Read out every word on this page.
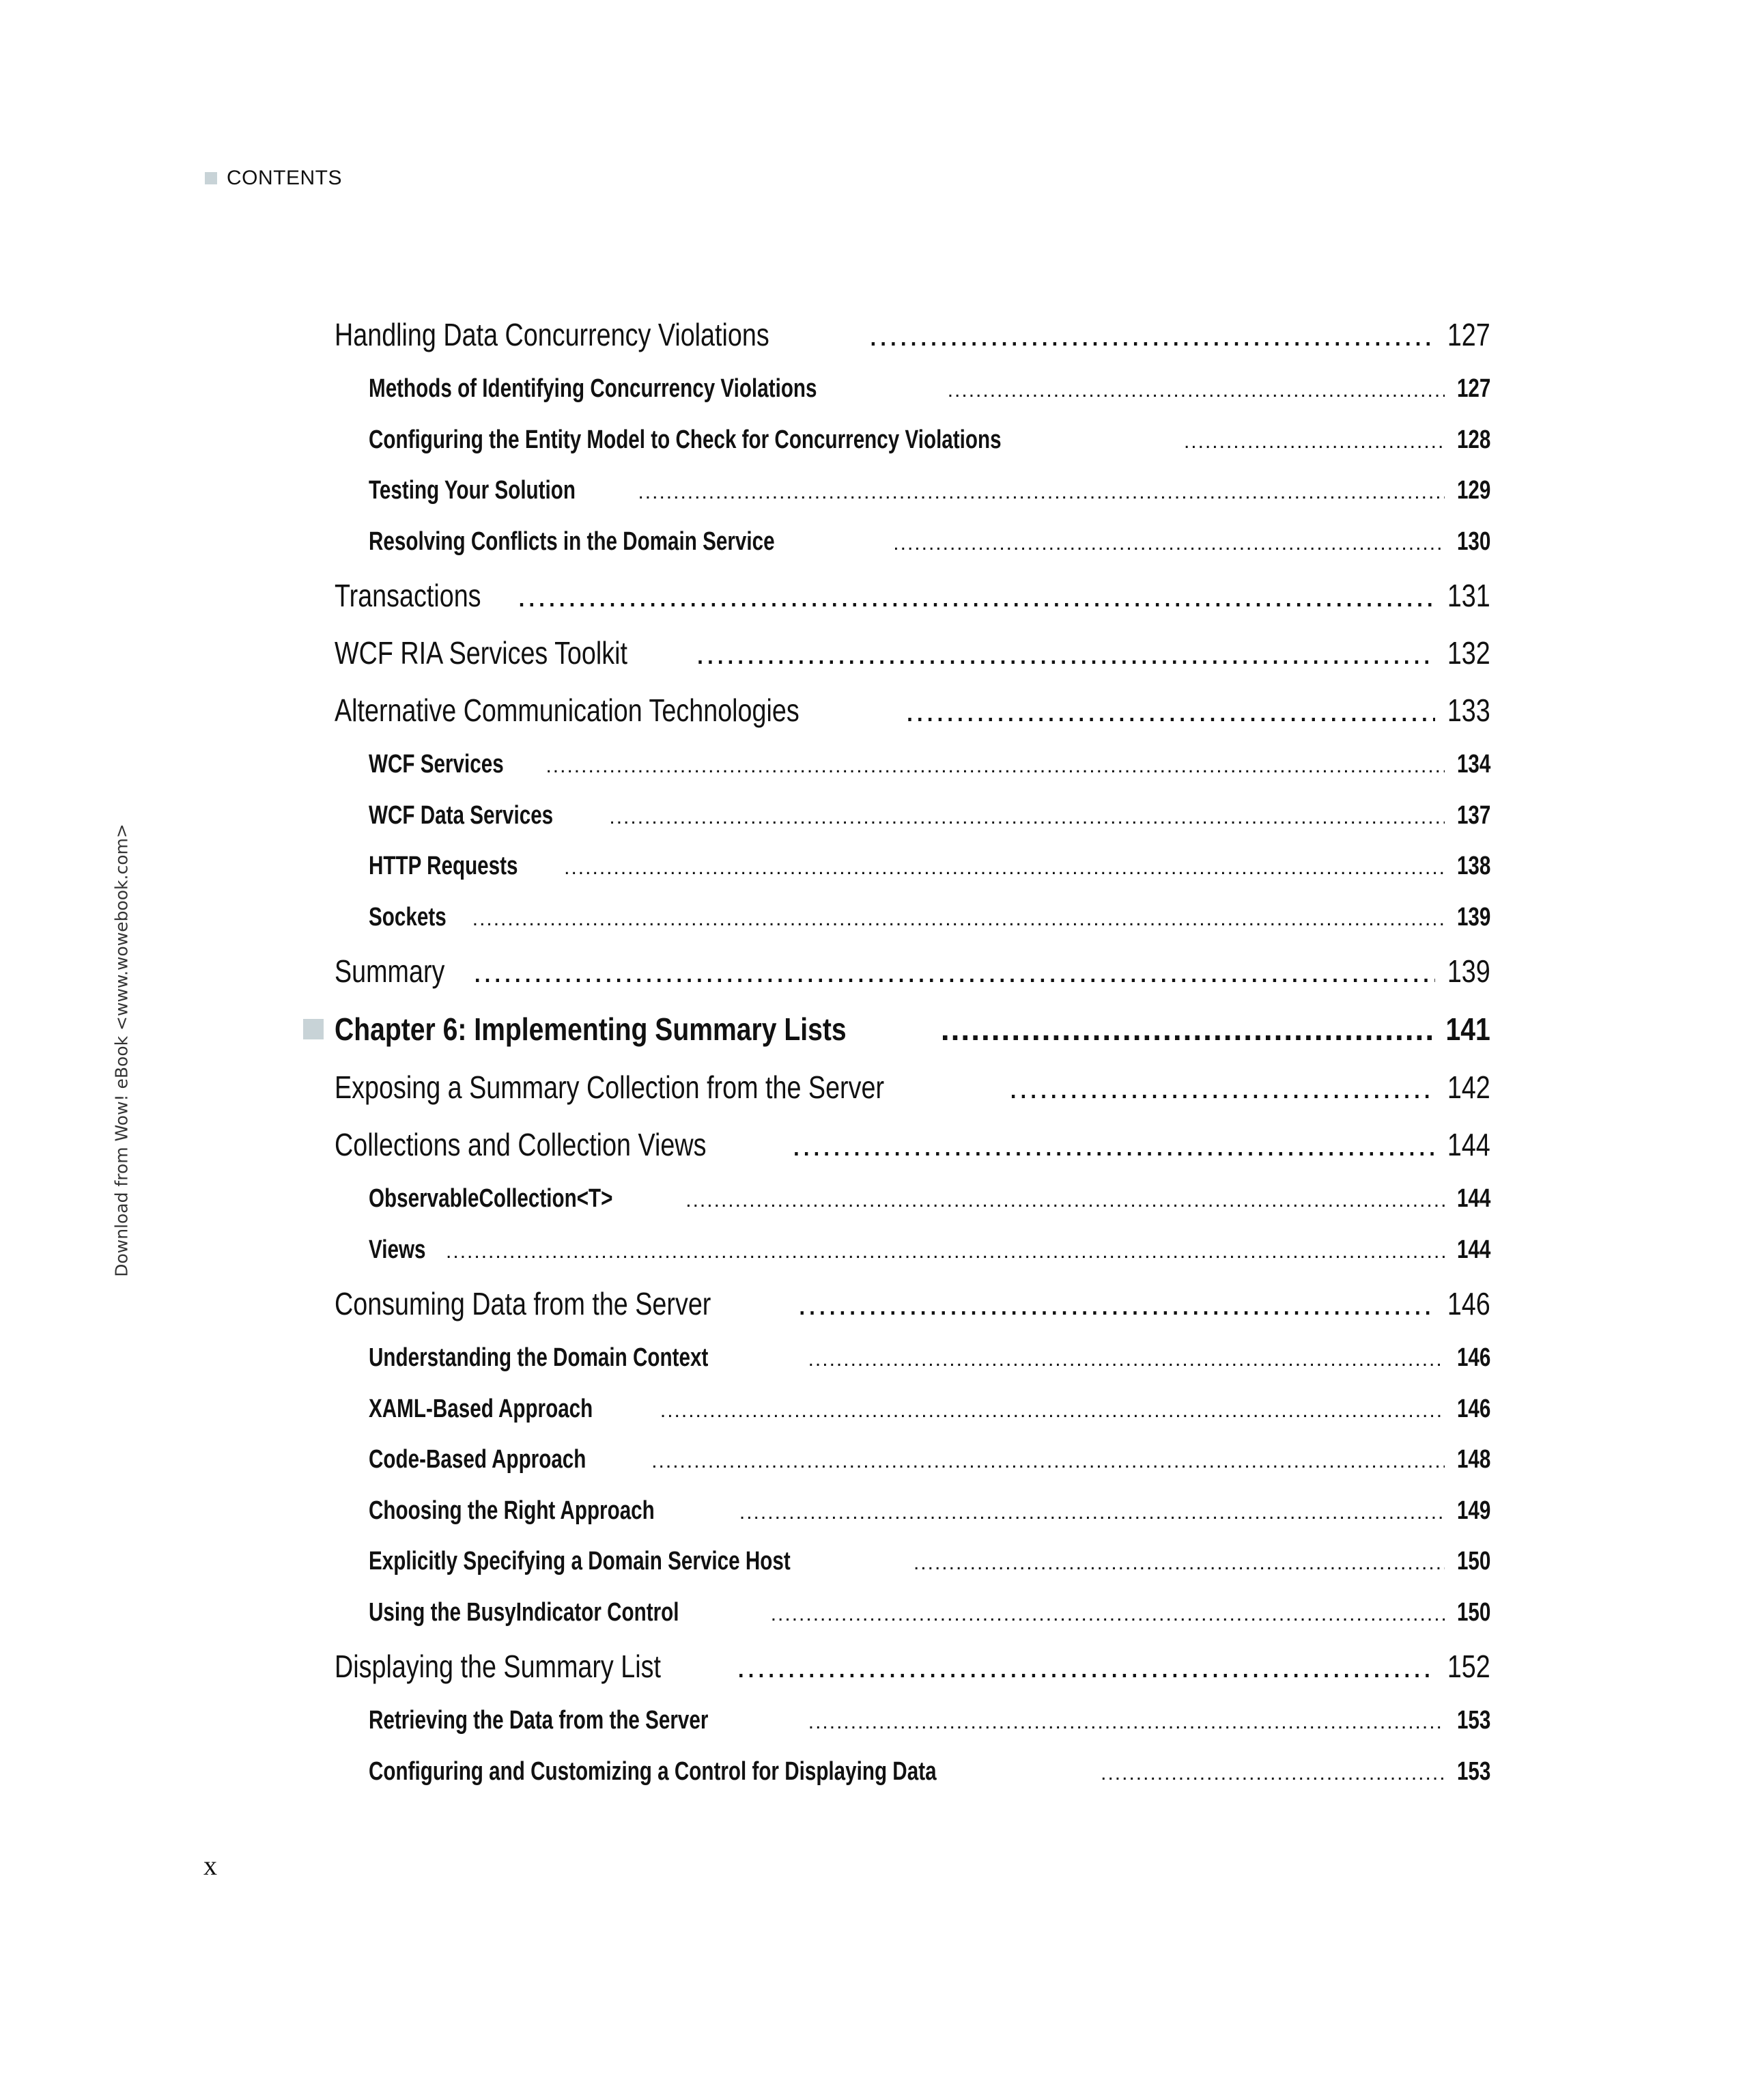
CONTENTS
Download from Wow! eBook <www.wowebook.com>
Handling Data Concurrency Violations .....	127
Methods of Identifying Concurrency Violations .....	127
Configuring the Entity Model to Check for Concurrency Violations .....	128
Testing Your Solution .....	129
Resolving Conflicts in the Domain Service .....	130
Transactions .....	131
WCF RIA Services Toolkit .....	132
Alternative Communication Technologies .....	133
WCF Services .....	134
WCF Data Services .....	137
HTTP Requests .....	138
Sockets .....	139
Summary .....	139
Chapter 6: Implementing Summary Lists .....	141
Exposing a Summary Collection from the Server .....	142
Collections and Collection Views .....	144
ObservableCollection<T> .....	144
Views .....	144
Consuming Data from the Server .....	146
Understanding the Domain Context .....	146
XAML-Based Approach .....	146
Code-Based Approach .....	148
Choosing the Right Approach .....	149
Explicitly Specifying a Domain Service Host .....	150
Using the BusyIndicator Control .....	150
Displaying the Summary List .....	152
Retrieving the Data from the Server .....	153
Configuring and Customizing a Control for Displaying Data .....	153
x
